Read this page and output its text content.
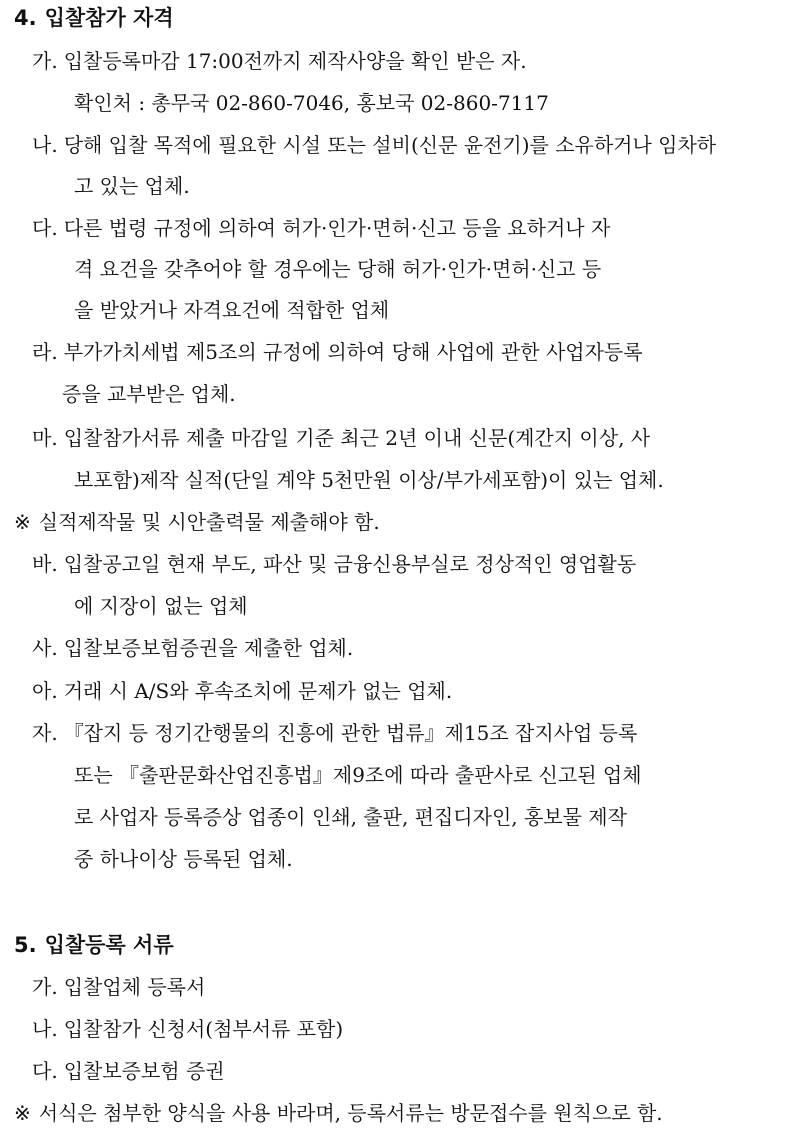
4. 입찰참가 자격
가. 입찰등록마감 17:00전까지 제작사양을 확인 받은 자.
확인처 : 총무국 02-860-7046, 홍보국 02-860-7117
나. 당해 입찰 목적에 필요한 시설 또는 설비(신문 윤전기)를 소유하거나 임차하
고 있는 업체.
다. 다른 법령 규정에 의하여 허가·인가·면허·신고 등을 요하거나 자
격 요건을 갖추어야 할 경우에는 당해 허가·인가·면허·신고 등
을 받았거나 자격요건에 적합한 업체
라. 부가가치세법 제5조의 규정에 의하여 당해 사업에 관한 사업자등록
증을 교부받은 업체.
마. 입찰참가서류 제출 마감일 기준 최근 2년 이내 신문(계간지 이상, 사
보포함)제작 실적(단일 계약 5천만원 이상/부가세포함)이 있는 업체.
※ 실적제작물 및 시안출력물 제출해야 함.
바. 입찰공고일 현재 부도, 파산 및 금융신용부실로 정상적인 영업활동
에 지장이 없는 업체
사. 입찰보증보험증권을 제출한 업체.
아. 거래 시 A/S와 후속조치에 문제가 없는 업체.
자. 『잡지 등 정기간행물의 진흥에 관한 법류』제15조 잡지사업 등록
또는 『출판문화산업진흥법』제9조에 따라 출판사로 신고된 업체
로 사업자 등록증상 업종이 인쇄, 출판, 편집디자인, 홍보물 제작
중 하나이상 등록된 업체.
5. 입찰등록 서류
가. 입찰업체 등록서
나. 입찰참가 신청서(첨부서류 포함)
다. 입찰보증보험 증권
※ 서식은 첨부한 양식을 사용 바라며, 등록서류는 방문접수를 원칙으로 함.
